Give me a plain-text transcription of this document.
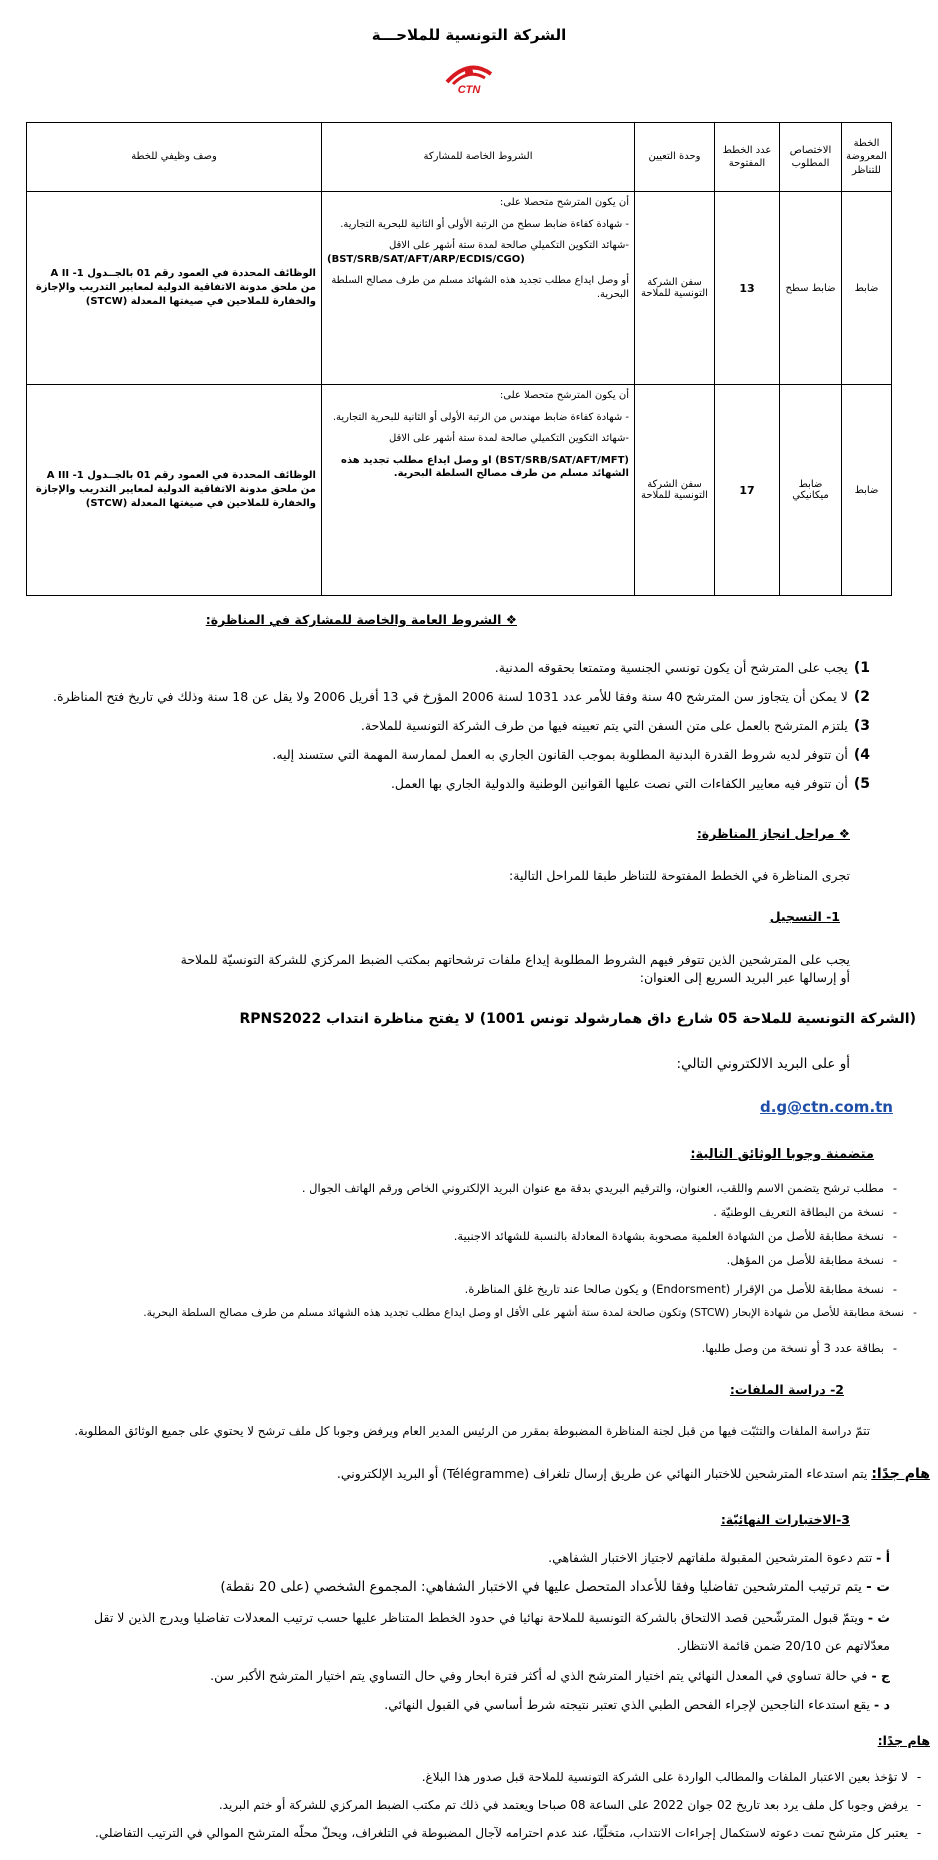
الشركة التونسية للملاحـــة
CTN
الخطة المعروضة للتناظر	الاختصاص المطلوب	عدد الخطط المفتوحة	وحدة التعيين	الشروط الخاصة للمشاركة	وصف وظيفي للخطة
ضابط	ضابط سطح	13	سفن الشركة التونسية للملاحة	أن يكون المترشح متحصلا على:

- شهادة كفاءة ضابط سطح من الرتبة الأولى أو الثانية للبحرية التجارية.

-شهائد التكوين التكميلي صالحة لمدة ستة أشهر على الاقل

(BST/SRB/SAT/AFT/ARP/ECDIS/CGO)

أو وصل ايداع مطلب تجديد هذه الشهائد مسلم من طرف مصالح السلطة البحرية.	الوظائف المحددة في العمود رقم 01 بالجــدول 1- A II من ملحق مدونة الاتفاقية الدولية لمعايير التدريب والإجازة والخفارة للملاحين في صيغتها المعدلة (STCW)
ضابط	ضابط ميكانيكي	17	سفن الشركة التونسية للملاحة	أن يكون المترشح متحصلا على:

- شهادة كفاءة ضابط مهندس من الرتبة الأولى أو الثانية للبحرية التجارية.

-شهائد التكوين التكميلي صالحة لمدة ستة أشهر على الاقل

(BST/SRB/SAT/AFT/MFT) او وصل ايداع مطلب تجديد هذه الشهائد مسلم من طرف مصالح السلطة البحرية.	الوظائف المحددة في العمود رقم 01 بالجــدول 1- A III من ملحق مدونة الاتفاقية الدولية لمعايير التدريب والإجازة والخفارة للملاحين في صيغتها المعدلة (STCW)
❖ الشروط العامة والخاصة للمشاركة في المناظرة:
1)يجب على المترشح أن يكون تونسي الجنسية ومتمتعا بحقوقه المدنية.
2)لا يمكن أن يتجاوز سن المترشح 40 سنة وفقا للأمر عدد 1031 لسنة 2006 المؤرخ في 13 أفريل 2006 ولا يقل عن 18 سنة وذلك في تاريخ فتح المناظرة.
3)يلتزم المترشح بالعمل على متن السفن التي يتم تعيينه فيها من طرف الشركة التونسية للملاحة.
4)أن تتوفر لديه شروط القدرة البدنية المطلوبة بموجب القانون الجاري به العمل لممارسة المهمة التي ستسند إليه.
5)أن تتوفر فيه معايير الكفاءات التي نصت عليها القوانين الوطنية والدولية الجاري بها العمل.
❖ مراحل انجاز المناظرة:
تجرى المناظرة في الخطط المفتوحة للتناظر طبقا للمراحل التالية:
1- التسجيل
يجب على المترشحين الذين تتوفر فيهم الشروط المطلوبة إيداع ملفات ترشحاتهم بمكتب الضبط المركزي للشركة التونسيّة للملاحة
أو إرسالها عبر البريد السريع إلى العنوان:
(الشركة التونسية للملاحة 05 شارع داق همارشولد تونس 1001) لا يفتح مناظرة انتداب RPNS2022
أو على البريد الالكتروني التالي:
d.g@ctn.com.tn
متضمنة وجوبا الوثائق التالية:
-مطلب ترشح يتضمن الاسم واللقب، العنوان، والترقيم البريدي بدقة مع عنوان البريد الإلكتروني الخاص ورقم الهاتف الجوال .
-نسخة من البطاقة التعريف الوطنيّة .
-نسخة مطابقة للأصل من الشهادة العلمية مصحوبة بشهادة المعادلة بالنسبة للشهائد الاجنبية.
-نسخة مطابقة للأصل من المؤهل.
-نسخة مطابقة للأصل من الإقرار (Endorsment) و يكون صالحا عند تاريخ غلق المناظرة.
-نسخة مطابقة للأصل من شهادة الإبحار (STCW) وتكون صالحة لمدة ستة أشهر على الأقل او وصل ايداع مطلب تجديد هذه الشهائد مسلم من طرف مصالح السلطة البحرية.
-بطاقة عدد 3 أو نسخة من وصل طلبها.
2- دراسة الملفات:
تتمّ دراسة الملفات والتثبّت فيها من قبل لجنة المناظرة المضبوطة بمقرر من الرئيس المدير العام ويرفض وجوبا كل ملف ترشح لا يحتوي على جميع الوثائق المطلوبة.
هام جدًا: يتم استدعاء المترشحين للاختبار النهائي عن طريق إرسال تلغراف (Télégramme) أو البريد الإلكتروني.
3-الاختبارات النهائيّة:
أ - تتم دعوة المترشحين المقبولة ملفاتهم لاجتياز الاختبار الشفاهي.
ت - يتم ترتيب المترشحين تفاضليا وفقا للأعداد المتحصل عليها في الاختبار الشفاهي: المجموع الشخصي (على 20 نقطة)
ث - ويتمّ قبول المترشّحين قصد الالتحاق بالشركة التونسية للملاحة نهائيا في حدود الخطط المتناظر عليها حسب ترتيب المعدلات تفاضليا ويدرج الذين لا تقل
معدّلاتهم عن 20/10 ضمن قائمة الانتظار.
ج - في حالة تساوي في المعدل النهائي يتم اختيار المترشح الذي له أكثر فترة ابحار وفي حال التساوي يتم اختيار المترشح الأكبر سن.
د - يقع استدعاء الناجحين لإجراء الفحص الطبي الذي تعتبر نتيجته شرط أساسي في القبول النهائي.
هام جدًا:
-لا تؤخذ بعين الاعتبار الملفات والمطالب الواردة على الشركة التونسية للملاحة قبل صدور هذا البلاغ.
-يرفض وجوبا كل ملف يرد بعد تاريخ 02 جوان 2022 على الساعة 08 صباحا ويعتمد في ذلك تم مكتب الضبط المركزي للشركة أو ختم البريد.
-يعتبر كل مترشح تمت دعوته لاستكمال إجراءات الانتداب، متخلّيًا، عند عدم احترامه لآجال المضبوطة في التلغراف، ويحلّ محلّه المترشح الموالي في الترتيب التفاضلي.
